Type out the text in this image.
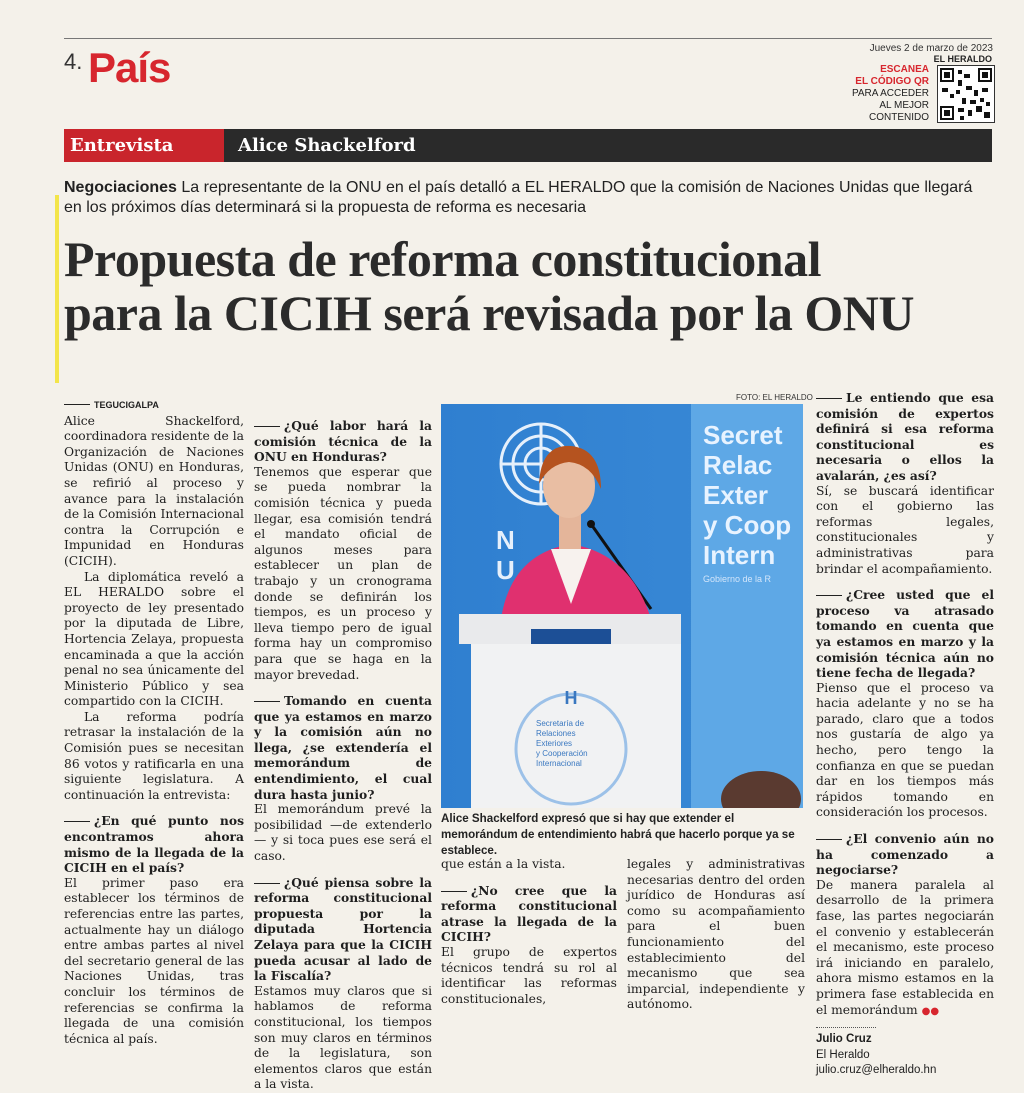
4. País	Jueves 2 de marzo de 2023
EL HERALDO
ESCANEA
EL CÓDIGO QR
PARA ACCEDER
AL MEJOR
CONTENIDO
Entrevista	Alice Shackelford
Negociaciones La representante de la ONU en el país detalló a EL HERALDO que la comisión de Naciones Unidas que llegará en los próximos días determinará si la propuesta de reforma es necesaria
Propuesta de reforma constitucional
para la CICIH será revisada por la ONU
TEGUCIGALPA

Alice Shackelford, coordinadora residente de la Organización de Naciones Unidas (ONU) en Honduras, se refirió al proceso y avance para la instalación de la Comisión Internacional contra la Corrupción e Impunidad en Honduras (CICIH).

La diplomática reveló a EL HERALDO sobre el proyecto de ley presentado por la diputada de Libre, Hortencia Zelaya, propuesta encaminada a que la acción penal no sea únicamente del Ministerio Público y sea compartido con la CICIH.

La reforma podría retrasar la instalación de la Comisión pues se necesitan 86 votos y ratificarla en una siguiente legislatura. A continuación la entrevista:

¿En qué punto nos encontramos ahora mismo de la llegada de la CICIH en el país?

El primer paso era establecer los términos de referencias entre las partes, actualmente hay un diálogo entre ambas partes al nivel del secretario general de las Naciones Unidas, tras concluir los términos de referencias se confirma la llegada de una comisión técnica al país.

¿Qué labor hará la comisión técnica de la ONU en Honduras?

Tenemos que esperar que se pueda nombrar la comisión técnica y pueda llegar, esa comisión tendrá el mandato oficial de algunos meses para establecer un plan de trabajo y un cronograma donde se definirán los tiempos, es un proceso y lleva tiempo pero de igual forma hay un compromiso para que se haga en la mayor brevedad.

Tomando en cuenta que ya estamos en marzo y la comisión aún no llega, ¿se extendería el memorándum de entendimiento, el cual dura hasta junio?

El memorándum prevé la posibilidad —de extenderlo— y si toca pues ese será el caso.

¿Qué piensa sobre la reforma constitucional propuesta por la diputada Hortencia Zelaya para que la CICIH pueda acusar al lado de la Fiscalía?

Estamos muy claros que si hablamos de reforma constitucional, los tiempos son muy claros en términos de la legislatura, son elementos claros que están a la vista.

FOTO: EL HERALDO
Secret
Relac
Exter
y Coop
Intern
Gobierno de la R
N
U
H
Secretaría de
Relaciones
Exteriores
y Cooperación
Internacional
Alice Shackelford expresó que si hay que extender el memorándum de entendimiento habrá que hacerlo porque ya se establece.

que están a la vista.

¿No cree que la reforma constitucional atrase la llegada de la CICIH?

El grupo de expertos técnicos tendrá su rol al identificar las reformas constitucionales,

legales y administrativas necesarias dentro del orden jurídico de Honduras así como su acompañamiento para el buen funcionamiento del establecimiento del mecanismo que sea imparcial, independiente y autónomo.

Le entiendo que esa comisión de expertos definirá si esa reforma constitucional es necesaria o ellos la avalarán, ¿es así?

Sí, se buscará identificar con el gobierno las reformas legales, constitucionales y administrativas para brindar el acompañamiento.

¿Cree usted que el proceso va atrasado tomando en cuenta que ya estamos en marzo y la comisión técnica aún no tiene fecha de llegada?

Pienso que el proceso va hacia adelante y no se ha parado, claro que a todos nos gustaría de algo ya hecho, pero tengo la confianza en que se puedan dar en los tiempos más rápidos tomando en consideración los procesos.

¿El convenio aún no ha comenzado a negociarse?

De manera paralela al desarrollo de la primera fase, las partes negociarán el convenio y establecerán el mecanismo, este proceso irá iniciando en paralelo, ahora mismo estamos en la primera fase establecida en el memorándum ●●

Julio Cruz

El Heraldo

julio.cruz@elheraldo.hn
